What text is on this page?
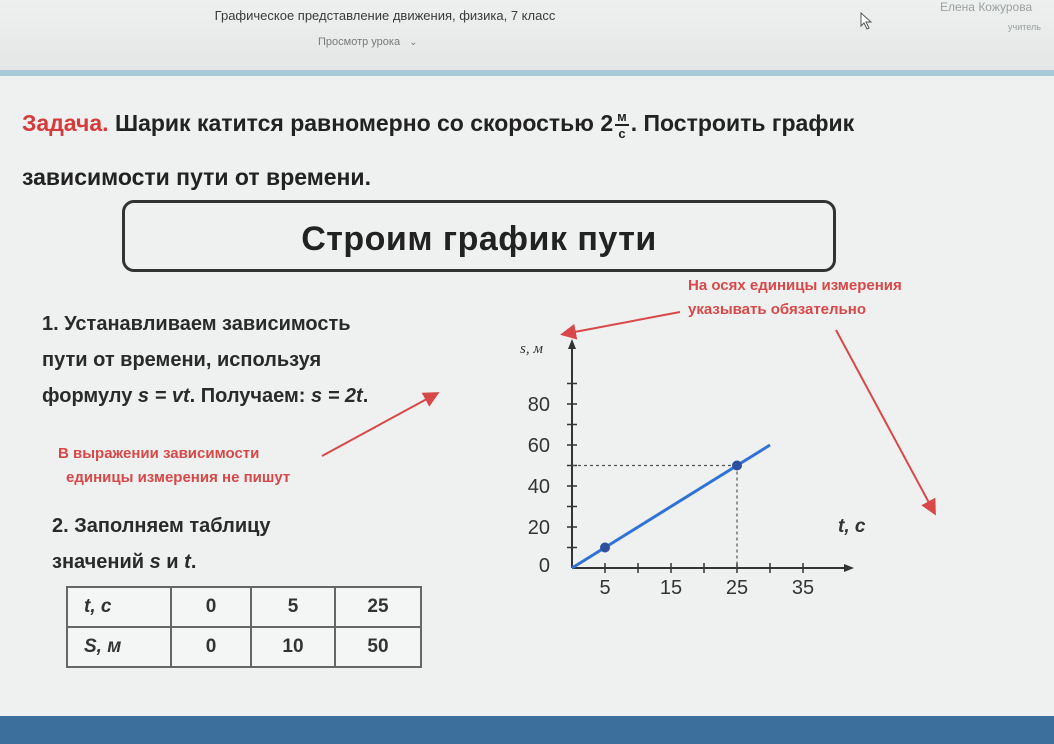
Графическое представление движения, физика, 7 класс
Просмотр урока ⌄
Елена Кожурова
учитель
Задача. Шарик катится равномерно со скоростью $2 \frac{м}{с}$ . Построить график зависимости пути от времени.
Строим график пути
1. Устанавливаем зависимость
пути от времени, используя
формулу s = vt. Получаем: s = 2t.
В выражении зависимости
единицы измерения не пишут
На осях единицы измерения
указывать обязательно
2. Заполняем таблицу
значений s и t.
t, с	0	5	25
S, м	0	10	50
5 15 25 35
0
20
40
60
80
s, м
t, с
